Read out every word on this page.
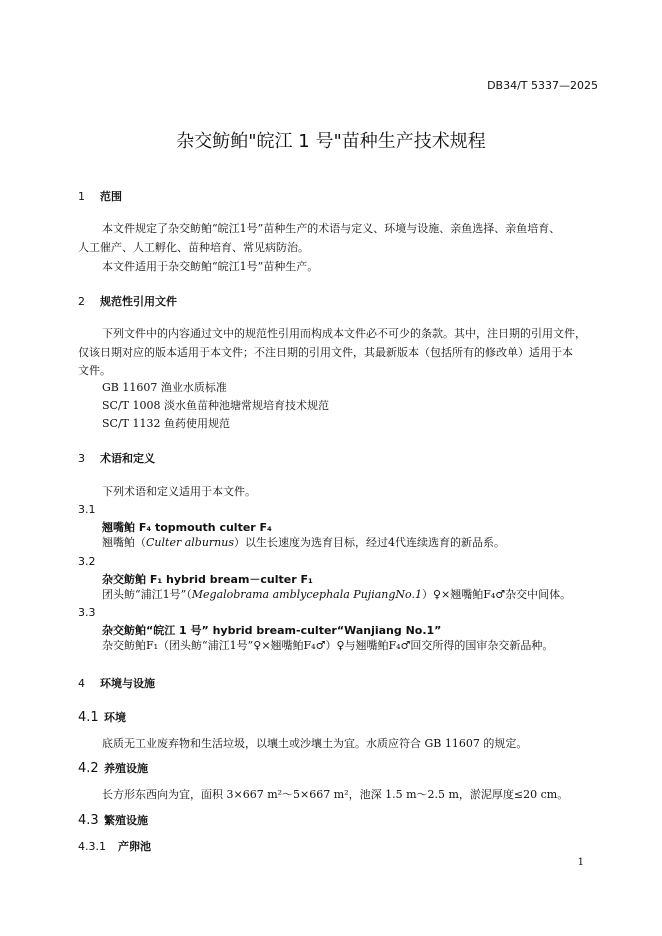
DB34/T 5337—2025
杂交鲂鲌"皖江 1 号"苗种生产技术规程
1 范围
本文件规定了杂交鲂鲌“皖江1号”苗种生产的术语与定义、环境与设施、亲鱼选择、亲鱼培育、
人工催产、人工孵化、苗种培育、常见病防治。
本文件适用于杂交鲂鲌“皖江1号”苗种生产。
2 规范性引用文件
下列文件中的内容通过文中的规范性引用而构成本文件必不可少的条款。其中，注日期的引用文件，
仅该日期对应的版本适用于本文件；不注日期的引用文件，其最新版本（包括所有的修改单）适用于本
文件。
GB 11607 渔业水质标准
SC/T 1008 淡水鱼苗种池塘常规培育技术规范
SC/T 1132 鱼药使用规范
3 术语和定义
下列术语和定义适用于本文件。
3.1
翘嘴鲌 F₄ topmouth culter F₄
翘嘴鲌（Culter alburnus）以生长速度为选育目标，经过4代连续选育的新品系。
3.2
杂交鲂鲌 F₁ hybrid bream－culter F₁
团头鲂“浦江1号”（Megalobrama amblycephala PujiangNo.1）♀×翘嘴鲌F₄♂杂交中间体。
3.3
杂交鲂鲌“皖江 1 号” hybrid bream-culter“Wanjiang No.1”
杂交鲂鲌F₁（团头鲂“浦江1号”♀×翘嘴鲌F₄♂）♀与翘嘴鲌F₄♂回交所得的国审杂交新品种。
4 环境与设施
4.1 环境
底质无工业废弃物和生活垃圾，以壤土或沙壤土为宜。水质应符合 GB 11607 的规定。
4.2 养殖设施
长方形东西向为宜，面积 3×667 m²～5×667 m²，池深 1.5 m～2.5 m，淤泥厚度≤20 cm。
4.3 繁殖设施
4.3.1 产卵池
1
